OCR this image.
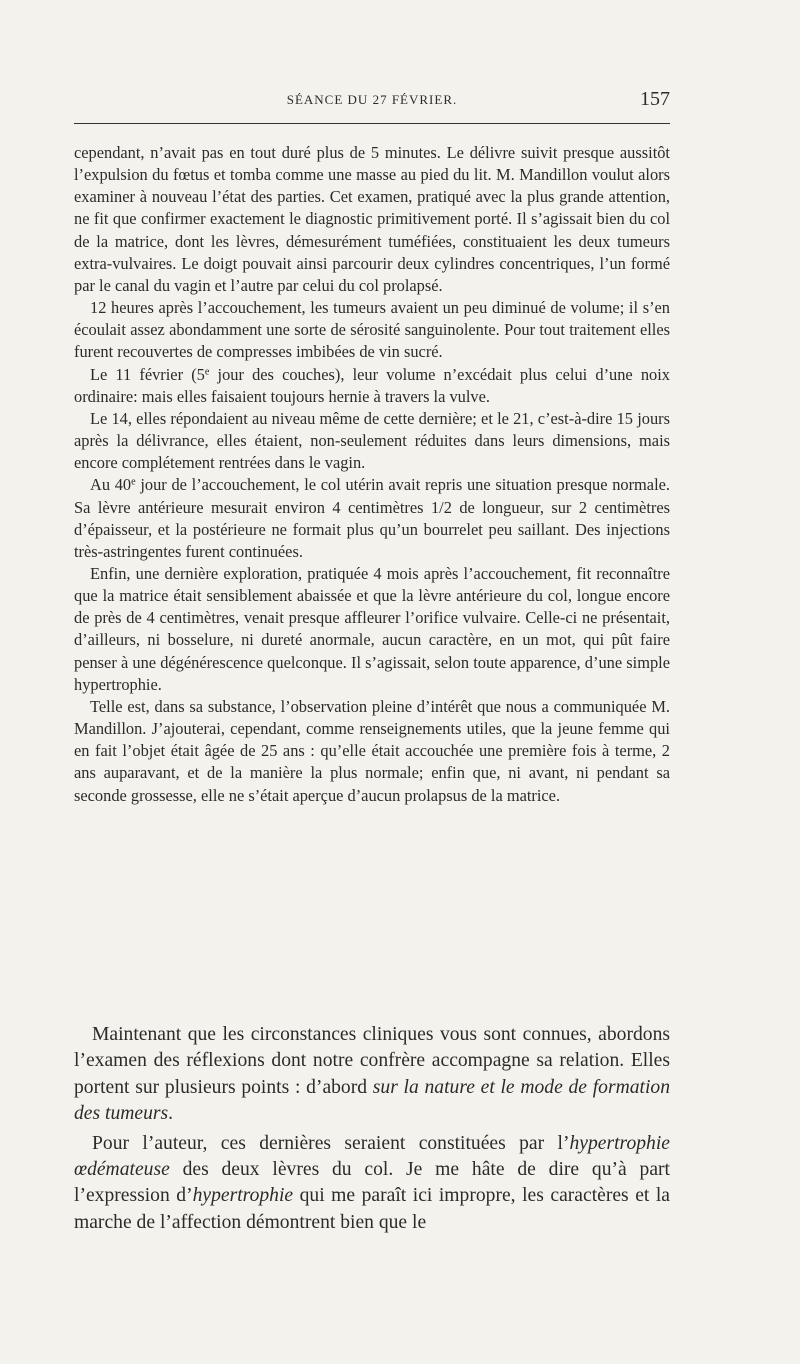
SÉANCE DU 27 FÉVRIER.	157

cependant, n’avait pas en tout duré plus de 5 minutes. Le délivre suivit presque aussitôt l’expulsion du fœtus et tomba comme une masse au pied du lit. M. Mandillon voulut alors examiner à nouveau l’état des parties. Cet examen, pratiqué avec la plus grande attention, ne fit que confirmer exactement le diagnostic primitivement porté. Il s’agissait bien du col de la matrice, dont les lèvres, démesurément tuméfiées, constituaient les deux tumeurs extra-vulvaires. Le doigt pouvait ainsi parcourir deux cylindres concentriques, l’un formé par le canal du vagin et l’autre par celui du col prolapsé.

12 heures après l’accouchement, les tumeurs avaient un peu diminué de volume; il s’en écoulait assez abondamment une sorte de sérosité sanguinolente. Pour tout traitement elles furent recouvertes de compresses imbibées de vin sucré.

Le 11 février (5e jour des couches), leur volume n’excédait plus celui d’une noix ordinaire: mais elles faisaient toujours hernie à travers la vulve.

Le 14, elles répondaient au niveau même de cette dernière; et le 21, c’est-à-dire 15 jours après la délivrance, elles étaient, non-seulement réduites dans leurs dimensions, mais encore complétement rentrées dans le vagin.

Au 40e jour de l’accouchement, le col utérin avait repris une situation presque normale. Sa lèvre antérieure mesurait environ 4 centimètres 1/2 de longueur, sur 2 centimètres d’épaisseur, et la postérieure ne formait plus qu’un bourrelet peu saillant. Des injections très-astringentes furent continuées.

Enfin, une dernière exploration, pratiquée 4 mois après l’accouchement, fit reconnaître que la matrice était sensiblement abaissée et que la lèvre antérieure du col, longue encore de près de 4 centimètres, venait presque affleurer l’orifice vulvaire. Celle-ci ne présentait, d’ailleurs, ni bosselure, ni dureté anormale, aucun caractère, en un mot, qui pût faire penser à une dégénérescence quelconque. Il s’agissait, selon toute apparence, d’une simple hypertrophie.

Telle est, dans sa substance, l’observation pleine d’intérêt que nous a communiquée M. Mandillon. J’ajouterai, cependant, comme renseignements utiles, que la jeune femme qui en fait l’objet était âgée de 25 ans : qu’elle était accouchée une première fois à terme, 2 ans auparavant, et de la manière la plus normale; enfin que, ni avant, ni pendant sa seconde grossesse, elle ne s’était aperçue d’aucun prolapsus de la matrice.

Maintenant que les circonstances cliniques vous sont connues, abordons l’examen des réflexions dont notre confrère accompagne sa relation. Elles portent sur plusieurs points : d’abord sur la nature et le mode de formation des tumeurs.

Pour l’auteur, ces dernières seraient constituées par l’hypertrophie œdémateuse des deux lèvres du col. Je me hâte de dire qu’à part l’expression d’hypertrophie qui me paraît ici impropre, les caractères et la marche de l’affection démontrent bien que le
